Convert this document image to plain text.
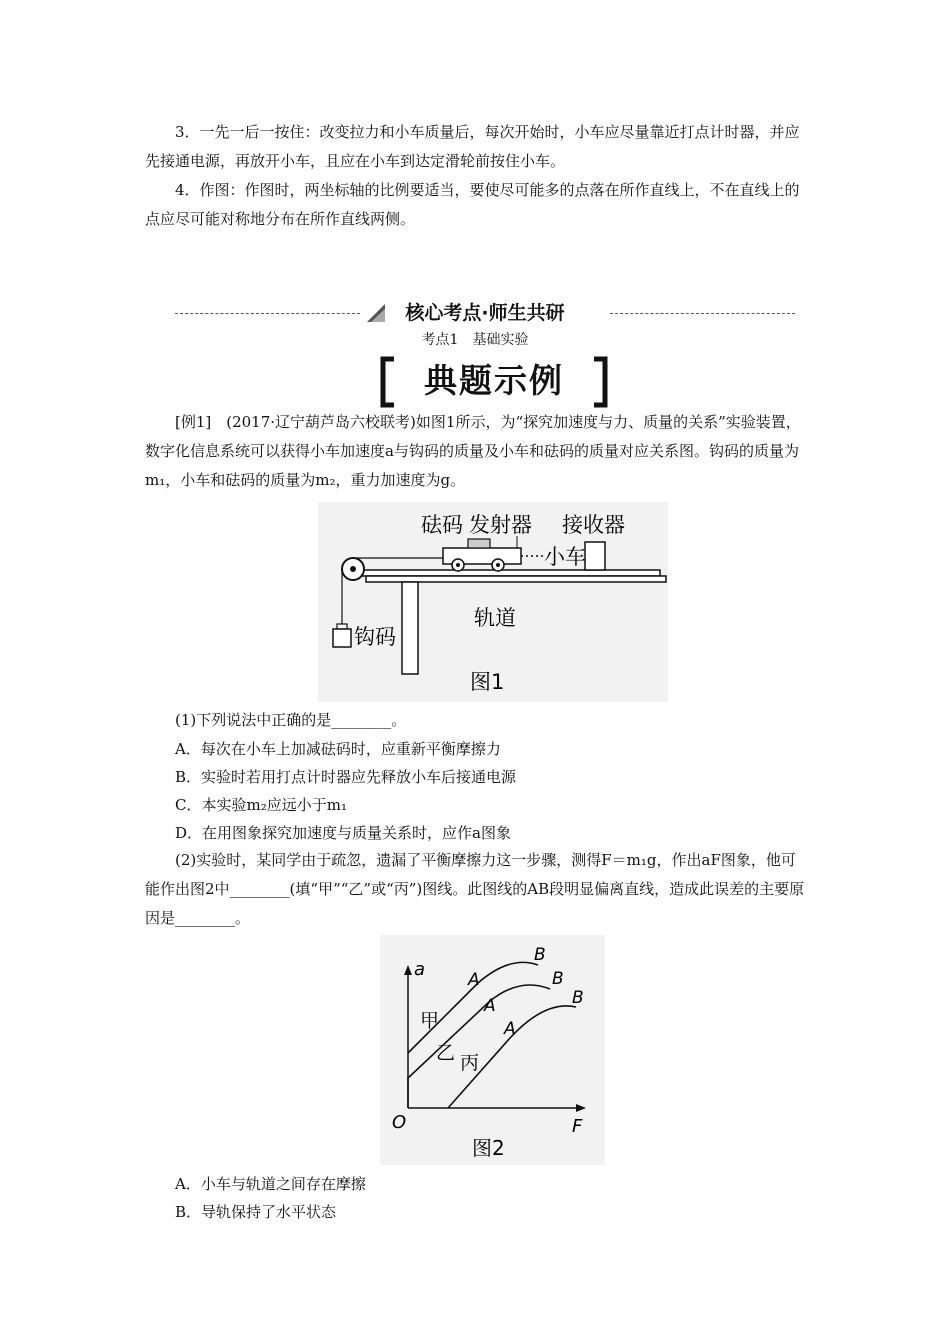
3．一先一后一按住：改变拉力和小车质量后，每次开始时，小车应尽量靠近打点计时器，并应先接通电源，再放开小车，且应在小车到达定滑轮前按住小车。
4．作图：作图时，两坐标轴的比例要适当，要使尽可能多的点落在所作直线上，不在直线上的点应尽可能对称地分布在所作直线两侧。
核心考点·师生共研
考点1　基础实验
典题示例
[例1]　(2017·辽宁葫芦岛六校联考)如图1所示，为“探究加速度与力、质量的关系”实验装置，数字化信息系统可以获得小车加速度a与钩码的质量及小车和砝码的质量对应关系图。钩码的质量为m₁，小车和砝码的质量为m₂，重力加速度为g。
砝码 发射器 接收器
小车
轨道
钩码
图1
(1)下列说法中正确的是________。
A．每次在小车上加减砝码时，应重新平衡摩擦力
B．实验时若用打点计时器应先释放小车后接通电源
C．本实验m₂应远小于m₁
D．在用图象探究加速度与质量关系时，应作a图象
(2)实验时，某同学由于疏忽，遗漏了平衡摩擦力这一步骤，测得F＝m₁g，作出aF图象，他可能作出图2中________(填“甲”“乙”或“丙”)图线。此图线的AB段明显偏离直线，造成此误差的主要原因是________。
a
F
O
甲
乙 丙
A
A
A
B
B
B
图2
A．小车与轨道之间存在摩擦
B．导轨保持了水平状态
